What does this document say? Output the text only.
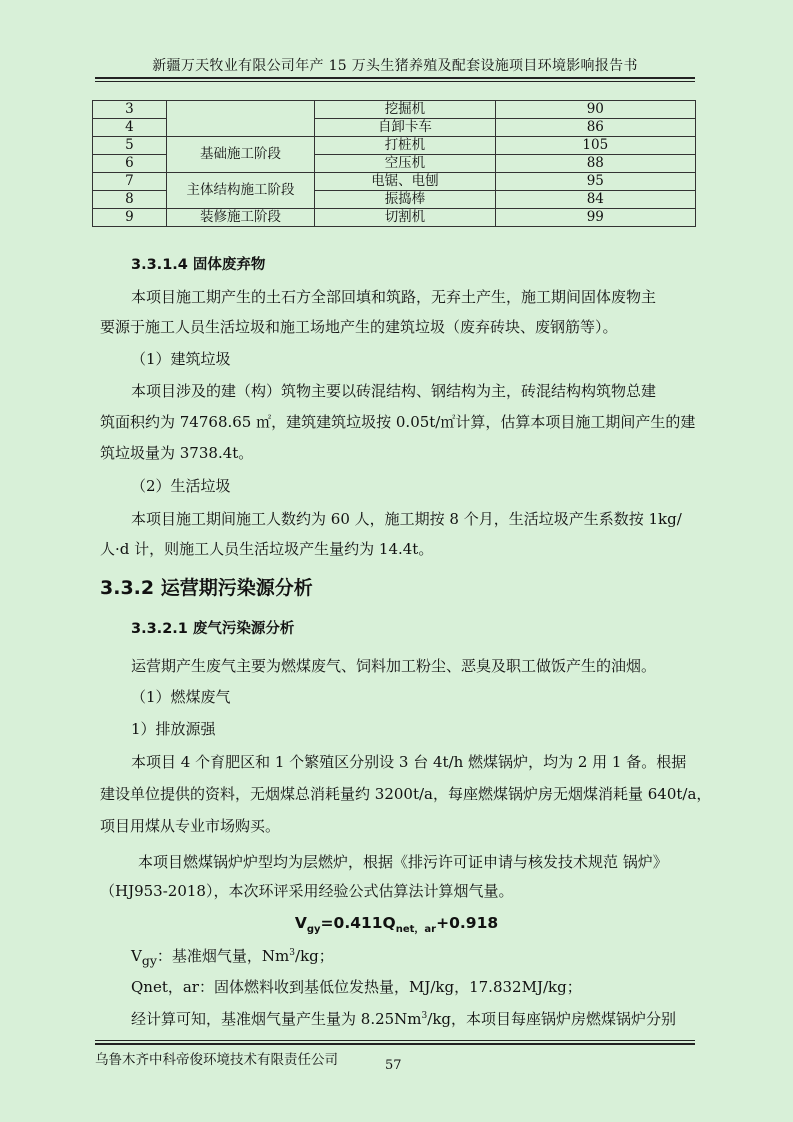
新疆万天牧业有限公司年产 15 万头生猪养殖及配套设施项目环境影响报告书
3		挖掘机	90
4		自卸卡车	86
5	基础施工阶段	打桩机	105
6		空压机	88
7	主体结构施工阶段	电锯、电刨	95
8		振捣棒	84
9	装修施工阶段	切割机	99
3.3.1.4 固体废弃物

本项目施工期产生的土石方全部回填和筑路，无弃土产生，施工期间固体废物主

要源于施工人员生活垃圾和施工场地产生的建筑垃圾（废弃砖块、废钢筋等）。

（1）建筑垃圾

本项目涉及的建（构）筑物主要以砖混结构、钢结构为主，砖混结构构筑物总建

筑面积约为 74768.65 ㎡，建筑建筑垃圾按 0.05t/㎡计算，估算本项目施工期间产生的建

筑垃圾量为 3738.4t。

（2）生活垃圾

本项目施工期间施工人数约为 60 人，施工期按 8 个月，生活垃圾产生系数按 1kg/

人·d 计，则施工人员生活垃圾产生量约为 14.4t。

3.3.2 运营期污染源分析
3.3.2.1 废气污染源分析

运营期产生废气主要为燃煤废气、饲料加工粉尘、恶臭及职工做饭产生的油烟。

（1）燃煤废气

1）排放源强

本项目 4 个育肥区和 1 个繁殖区分别设 3 台 4t/h 燃煤锅炉，均为 2 用 1 备。根据

建设单位提供的资料，无烟煤总消耗量约 3200t/a，每座燃煤锅炉房无烟煤消耗量 640t/a，

项目用煤从专业市场购买。

本项目燃煤锅炉炉型均为层燃炉，根据《排污许可证申请与核发技术规范 锅炉》

（HJ953-2018），本次环评采用经验公式估算法计算烟气量。

$V_{gy}=0.411Q_{net,ar}+0.918$

$V_{gy}$：基准烟气量，Nm$^3$/kg；

Qnet，ar：固体燃料收到基低位发热量，MJ/kg，17.832MJ/kg；

经计算可知，基准烟气量产生量为 8.25Nm$^3$/kg，本项目每座锅炉房燃煤锅炉分别

乌鲁木齐中科帝俊环境技术有限责任公司	57
